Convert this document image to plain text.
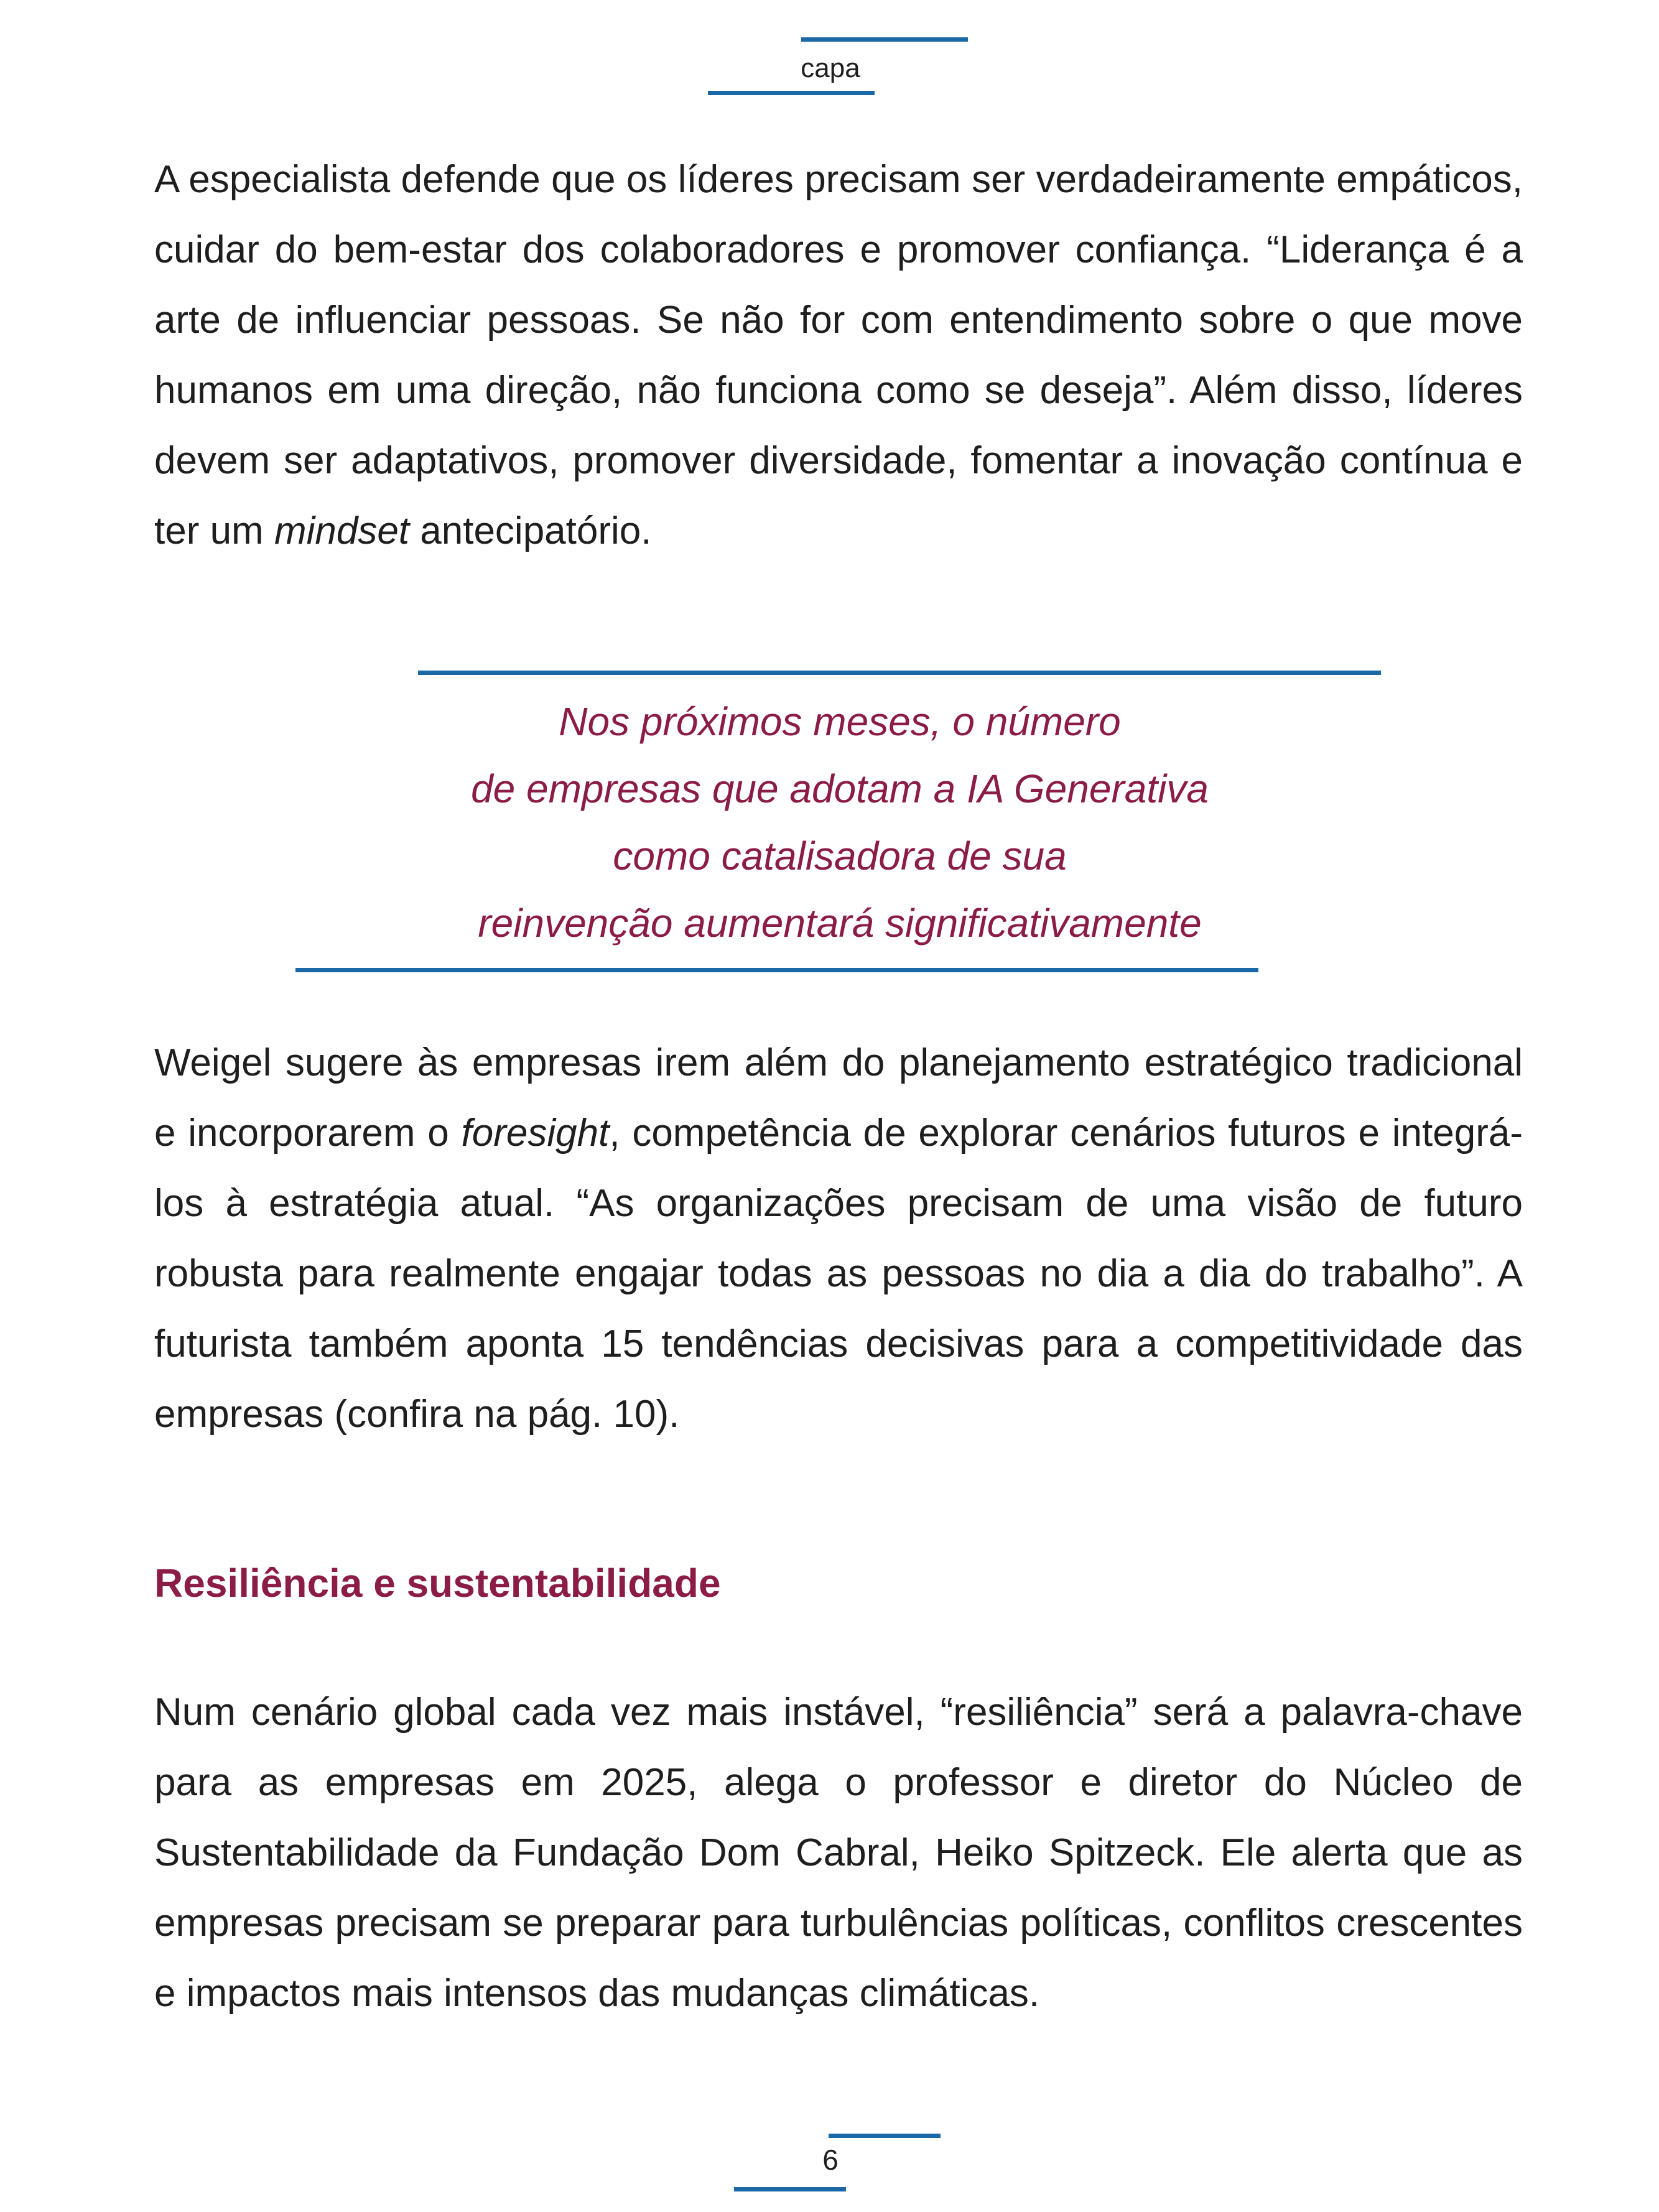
capa

A especialista defende que os líderes precisam ser verdadeiramente empáticos, cuidar do bem-estar dos colaboradores e promover confiança. “Liderança é a arte de influenciar pessoas. Se não for com entendimento sobre o que move humanos em uma direção, não funciona como se deseja”. Além disso, líderes devem ser adaptativos, promover diversidade, fomentar a inovação contínua e ter um mindset antecipatório.

Nos próximos meses, o número
de empresas que adotam a IA Generativa
como catalisadora de sua
reinvenção aumentará significativamente

Weigel sugere às empresas irem além do planejamento estratégico tradicional e incorporarem o foresight, competência de explorar cenários futuros e integrá-los à estratégia atual. “As organizações precisam de uma visão de futuro robusta para realmente engajar todas as pessoas no dia a dia do trabalho”. A futurista também aponta 15 tendências decisivas para a competitividade das empresas (confira na pág. 10).

Resiliência e sustentabilidade

Num cenário global cada vez mais instável, “resiliência” será a palavra-chave para as empresas em 2025, alega o professor e diretor do Núcleo de Sustentabilidade da Fundação Dom Cabral, Heiko Spitzeck. Ele alerta que as empresas precisam se preparar para turbulências políticas, conflitos crescentes e impactos mais intensos das mudanças climáticas.

6
